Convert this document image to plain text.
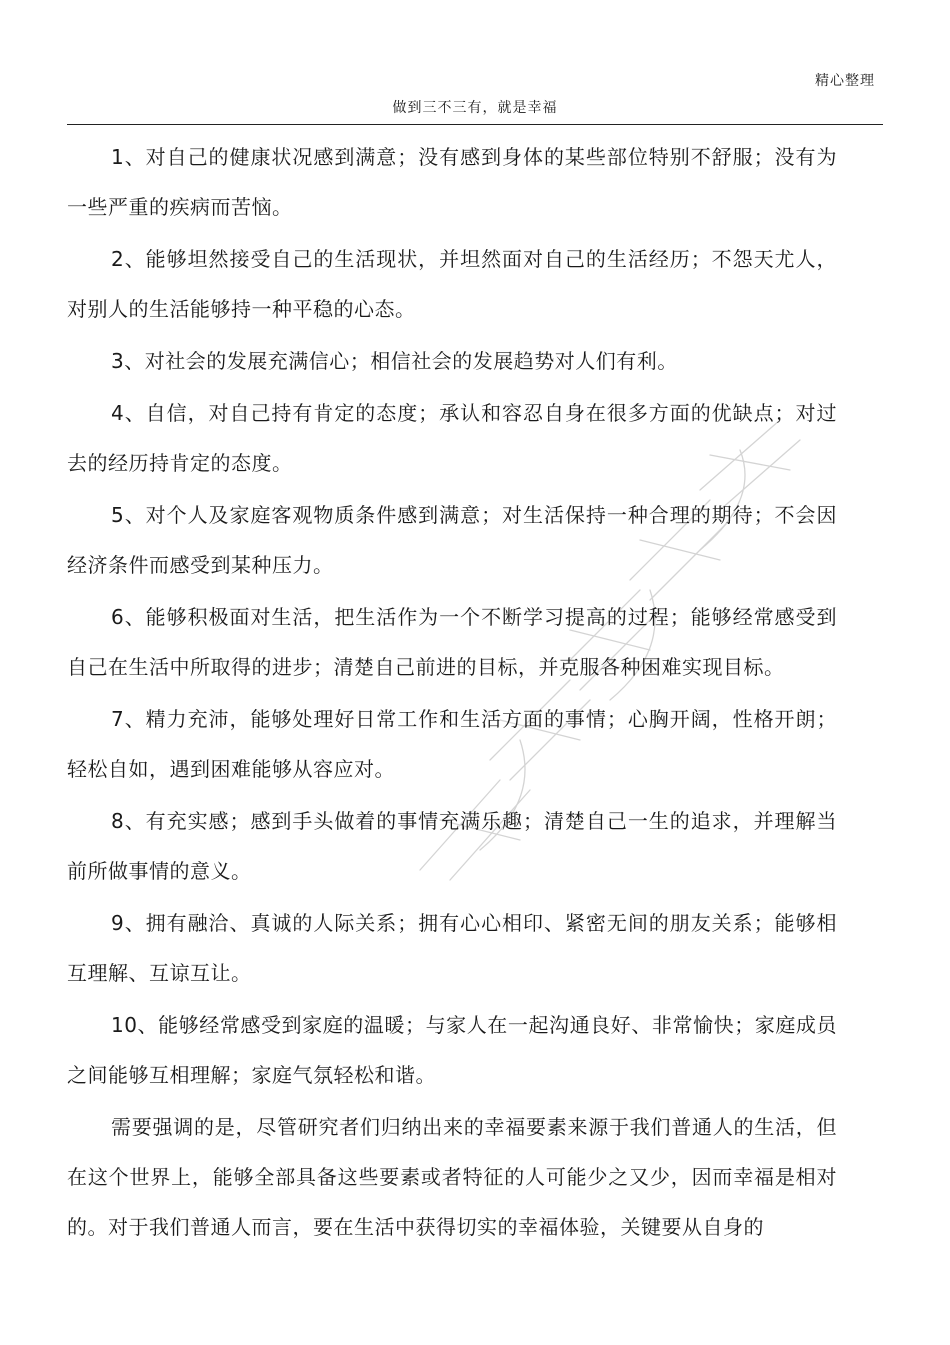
精心整理
做到三不三有，就是幸福

1、对自己的健康状况感到满意；没有感到身体的某些部位特别不舒服；没有为一些严重的疾病而苦恼。

2、能够坦然接受自己的生活现状，并坦然面对自己的生活经历；不怨天尤人，对别人的生活能够持一种平稳的心态。

3、对社会的发展充满信心；相信社会的发展趋势对人们有利。

4、自信，对自己持有肯定的态度；承认和容忍自身在很多方面的优缺点；对过去的经历持肯定的态度。

5、对个人及家庭客观物质条件感到满意；对生活保持一种合理的期待；不会因经济条件而感受到某种压力。

6、能够积极面对生活，把生活作为一个不断学习提高的过程；能够经常感受到自己在生活中所取得的进步；清楚自己前进的目标，并克服各种困难实现目标。

7、精力充沛，能够处理好日常工作和生活方面的事情；心胸开阔，性格开朗；轻松自如，遇到困难能够从容应对。

8、有充实感；感到手头做着的事情充满乐趣；清楚自己一生的追求，并理解当前所做事情的意义。

9、拥有融洽、真诚的人际关系；拥有心心相印、紧密无间的朋友关系；能够相互理解、互谅互让。

10、能够经常感受到家庭的温暖；与家人在一起沟通良好、非常愉快；家庭成员之间能够互相理解；家庭气氛轻松和谐。

需要强调的是，尽管研究者们归纳出来的幸福要素来源于我们普通人的生活，但在这个世界上，能够全部具备这些要素或者特征的人可能少之又少，因而幸福是相对的。对于我们普通人而言，要在生活中获得切实的幸福体验，关键要从自身的
